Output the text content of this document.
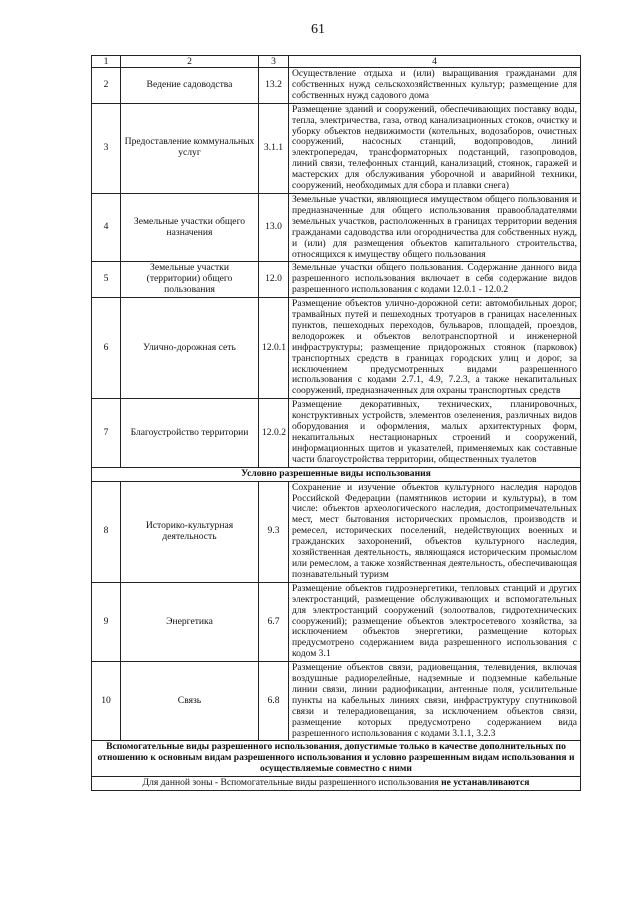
61
1	2	3	4
2	Ведение садоводства	13.2	Осуществление отдыха и (или) выращивания гражданами для собственных нужд сельскохозяйственных культур; размещение для собственных нужд садового дома
3	Предоставление коммунальных услуг	3.1.1	Размещение зданий и сооружений, обеспечивающих поставку воды, тепла, электричества, газа, отвод канализационных стоков, очистку и уборку объектов недвижимости (котельных, водозаборов, очистных сооружений, насосных станций, водопроводов, линий электропередач, трансформаторных подстанций, газопроводов, линий связи, телефонных станций, канализаций, стоянок, гаражей и мастерских для обслуживания уборочной и аварийной техники, сооружений, необходимых для сбора и плавки снега)
4	Земельные участки общего назначения	13.0	Земельные участки, являющиеся имуществом общего пользования и предназначенные для общего использования правообладателями земельных участков, расположенных в границах территории ведения гражданами садоводства или огородничества для собственных нужд, и (или) для размещения объектов капитального строительства, относящихся к имуществу общего пользования
5	Земельные участки (территории) общего пользования	12.0	Земельные участки общего пользования. Содержание данного вида разрешенного использования включает в себя содержание видов разрешенного использования с кодами 12.0.1 - 12.0.2
6	Улично-дорожная сеть	12.0.1	Размещение объектов улично-дорожной сети: автомобильных дорог, трамвайных путей и пешеходных тротуаров в границах населенных пунктов, пешеходных переходов, бульваров, площадей, проездов, велодорожек и объектов велотранспортной и инженерной инфраструктуры; размещение придорожных стоянок (парковок) транспортных средств в границах городских улиц и дорог, за исключением предусмотренных видами разрешенного использования с кодами 2.7.1, 4.9, 7.2.3, а также некапитальных сооружений, предназначенных для охраны транспортных средств
7	Благоустройство территории	12.0.2	Размещение декоративных, технических, планировочных, конструктивных устройств, элементов озеленения, различных видов оборудования и оформления, малых архитектурных форм, некапитальных нестационарных строений и сооружений, информационных щитов и указателей, применяемых как составные части благоустройства территории, общественных туалетов
Условно разрешенные виды использования			
8	Историко-культурная деятельность	9.3	Сохранение и изучение объектов культурного наследия народов Российской Федерации (памятников истории и культуры), в том числе: объектов археологического наследия, достопримечательных мест, мест бытования исторических промыслов, производств и ремесел, исторических поселений, недействующих военных и гражданских захоронений, объектов культурного наследия, хозяйственная деятельность, являющаяся историческим промыслом или ремеслом, а также хозяйственная деятельность, обеспечивающая познавательный туризм
9	Энергетика	6.7	Размещение объектов гидроэнергетики, тепловых станций и других электростанций, размещение обслуживающих и вспомогательных для электростанций сооружений (золоотвалов, гидротехнических сооружений); размещение объектов электросетевого хозяйства, за исключением объектов энергетики, размещение которых предусмотрено содержанием вида разрешенного использования с кодом 3.1
10	Связь	6.8	Размещение объектов связи, радиовещания, телевидения, включая воздушные радиорелейные, надземные и подземные кабельные линии связи, линии радиофикации, антенные поля, усилительные пункты на кабельных линиях связи, инфраструктуру спутниковой связи и телерадиовещания, за исключением объектов связи, размещение которых предусмотрено содержанием вида разрешенного использования с кодами 3.1.1, 3.2.3
Вспомогательные виды разрешенного использования, допустимые только в качестве дополнительных по отношению к основным видам разрешенного использования и условно разрешенным видам использования и осуществляемые совместно с ними			
Для данной зоны - Вспомогательные виды разрешенного использования не устанавливаются			
